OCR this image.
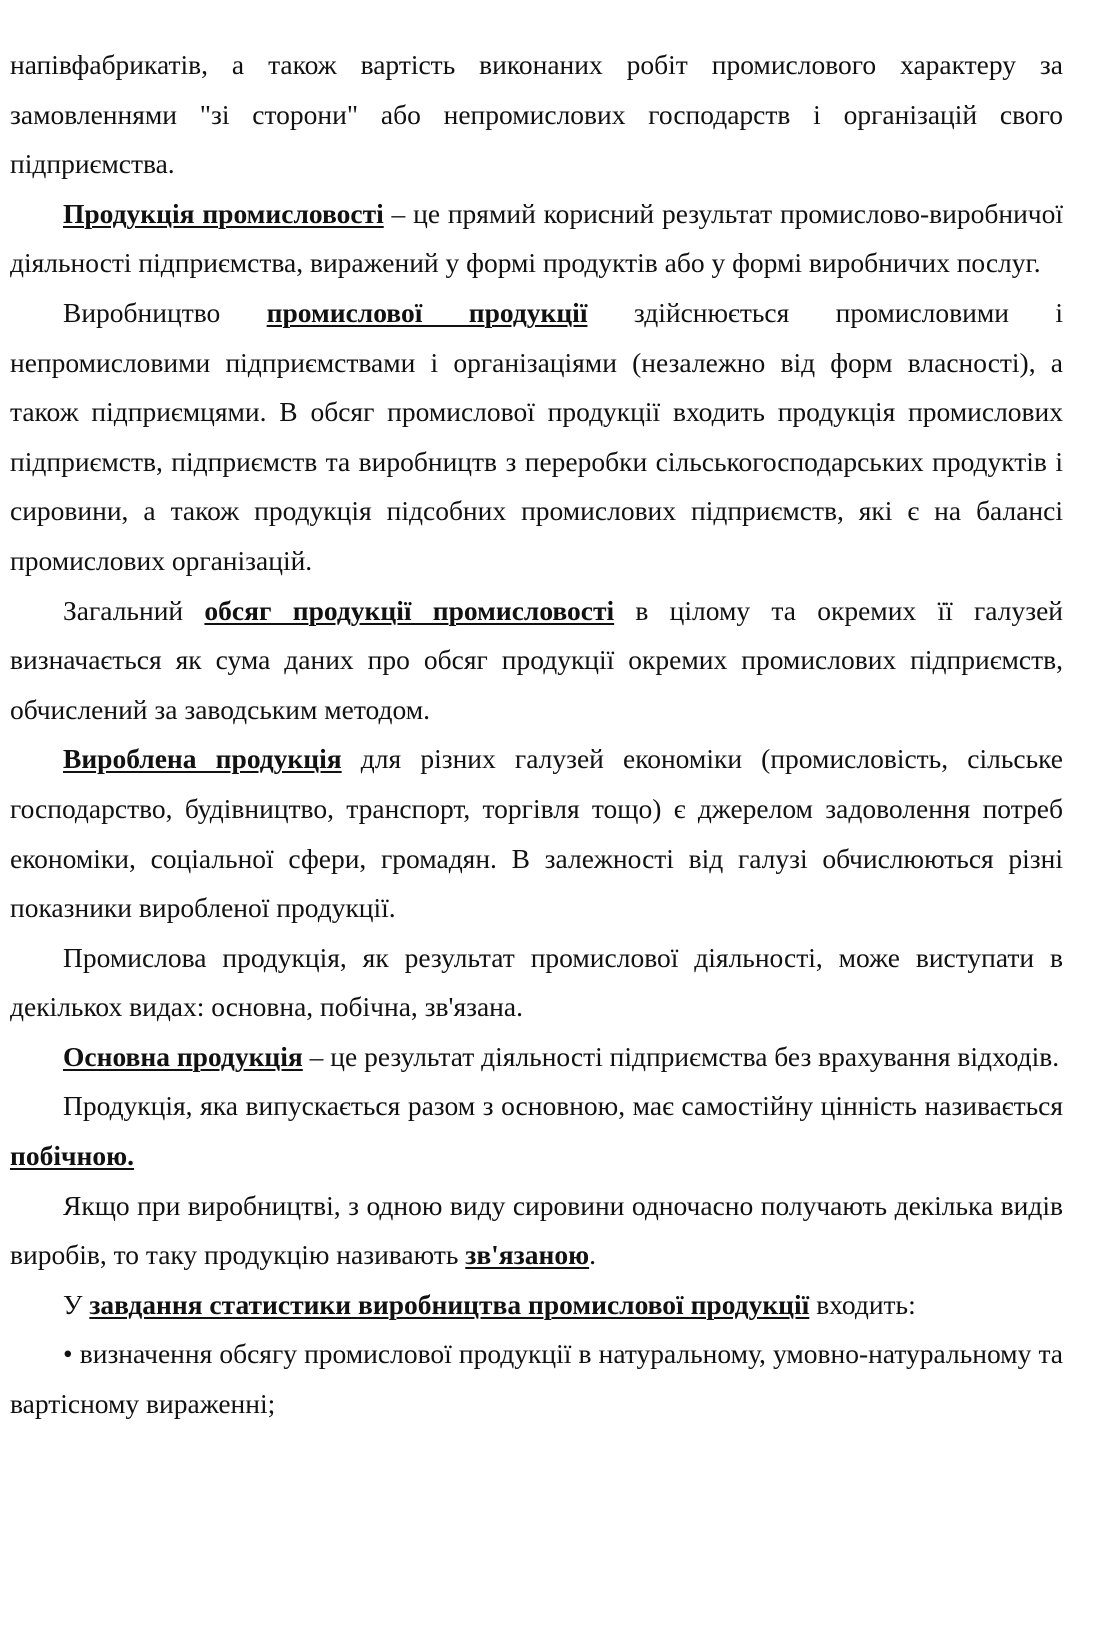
напівфабрикатів, а також вартість виконаних робіт промислового характеру за замовленнями "зі сторони" або непромислових господарств і організацій свого підприємства.

Продукція промисловості – це прямий корисний результат промислово-виробничої діяльності підприємства, виражений у формі продуктів або у формі виробничих послуг.

Виробництво промислової продукції здійснюється промисловими і непромисловими підприємствами і організаціями (незалежно від форм власності), а також підприємцями. В обсяг промислової продукції входить продукція промислових підприємств, підприємств та виробництв з переробки сільськогосподарських продуктів і сировини, а також продукція підсобних промислових підприємств, які є на балансі промислових організацій.

Загальний обсяг продукції промисловості в цілому та окремих її галузей визначається як сума даних про обсяг продукції окремих промислових підприємств, обчислений за заводським методом.

Вироблена продукція для різних галузей економіки (промисловість, сільське господарство, будівництво, транспорт, торгівля тощо) є джерелом задоволення потреб економіки, соціальної сфери, громадян. В залежності від галузі обчислюються різні показники виробленої продукції.

Промислова продукція, як результат промислової діяльності, може виступати в декількох видах: основна, побічна, зв'язана.

Основна продукція – це результат діяльності підприємства без врахування відходів.

Продукція, яка випускається разом з основною, має самостійну цінність називається побічною.

Якщо при виробництві, з одною виду сировини одночасно получають декілька видів виробів, то таку продукцію називають зв'язаною.

У завдання статистики виробництва промислової продукції входить:

• визначення обсягу промислової продукції в натуральному, умовно-натуральному та вартісному вираженні;
